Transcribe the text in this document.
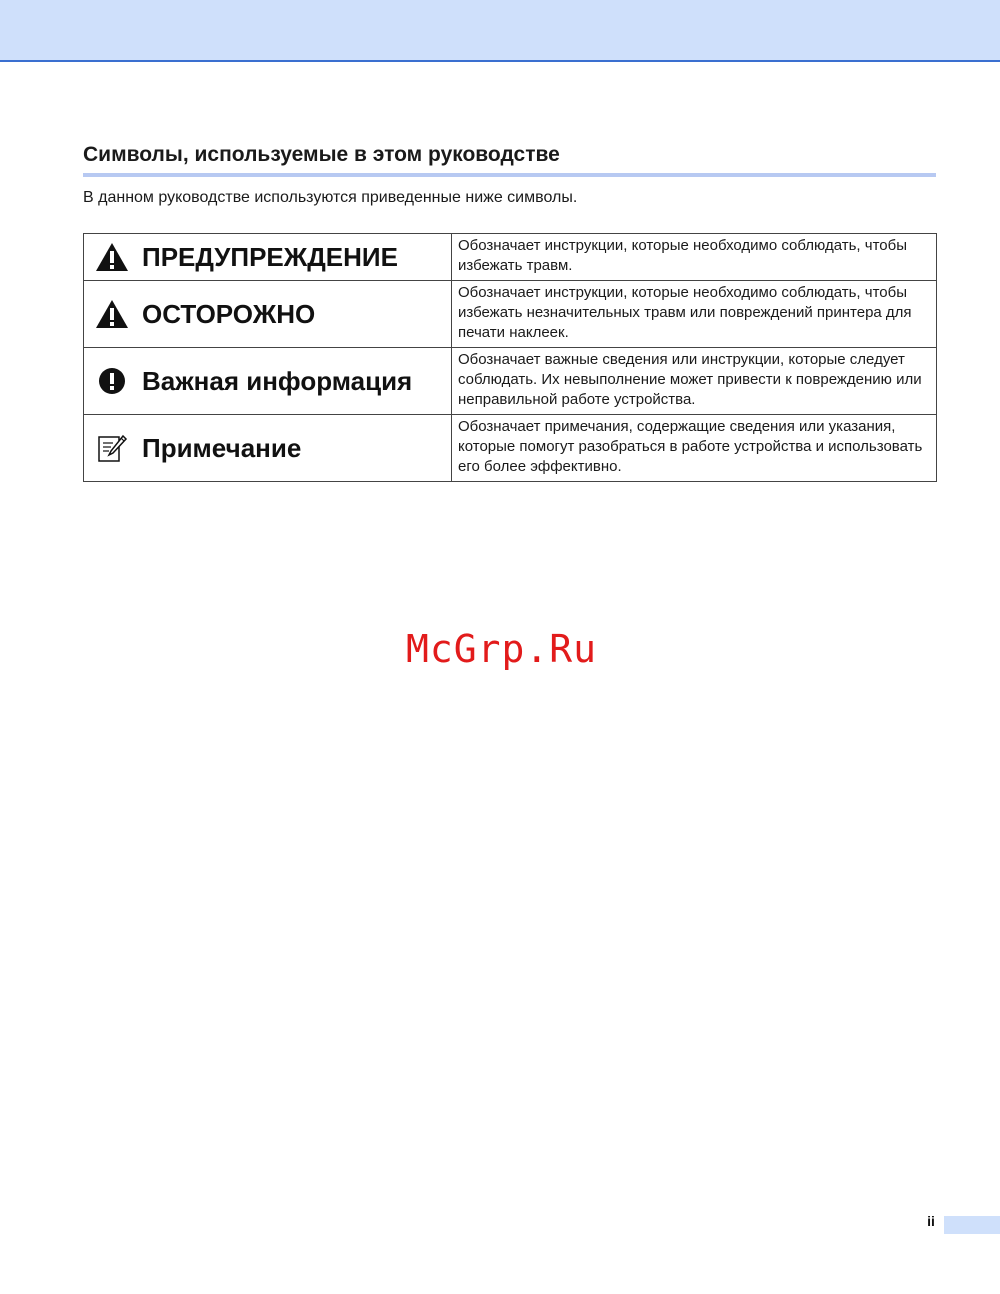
Символы, используемые в этом руководстве
В данном руководстве используются приведенные ниже символы.
ПРЕДУПРЕЖДЕНИЕ	Обозначает инструкции, которые необходимо соблюдать, чтобы избежать травм.

ОСТОРОЖНО	Обозначает инструкции, которые необходимо соблюдать, чтобы избежать незначительных травм или повреждений принтера для печати наклеек.

Важная информация	Обозначает важные сведения или инструкции, которые следует соблюдать. Их невыполнение может привести к повреждению или неправильной работе устройства.

Примечание	Обозначает примечания, содержащие сведения или указания, которые помогут разобраться в работе устройства и использовать его более эффективно.
McGrp.Ru
ii
